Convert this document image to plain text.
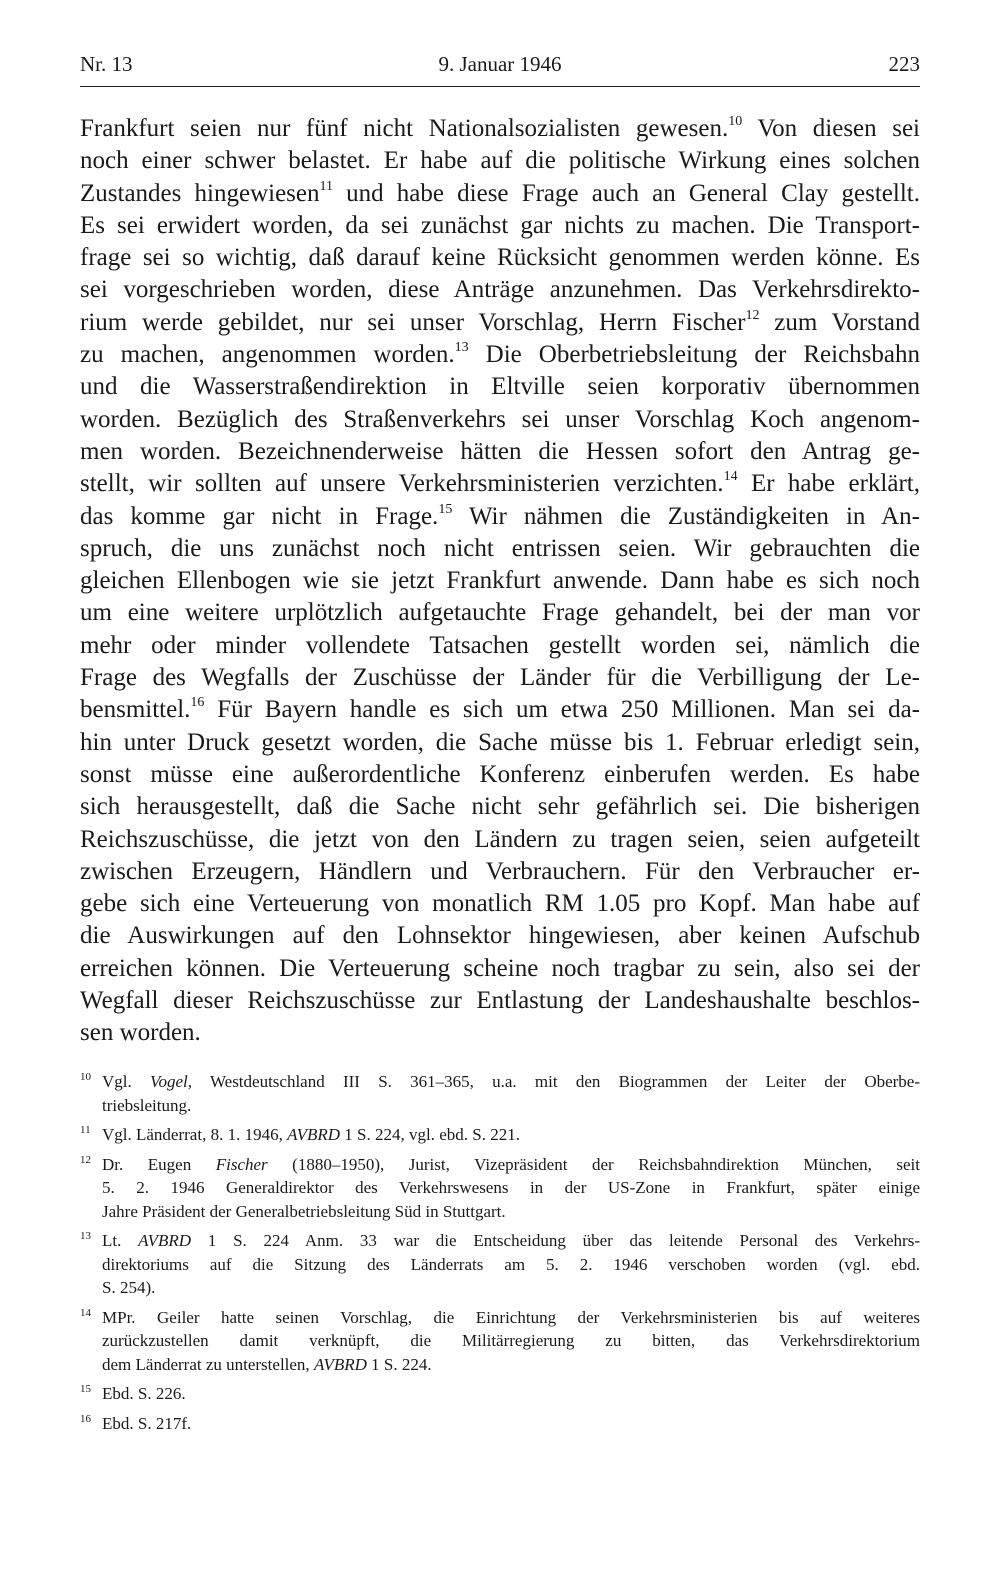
Nr. 13	9. Januar 1946	223
Frankfurt seien nur fünf nicht Nationalsozialisten gewesen.$^{10}$ Von diesen sei
noch einer schwer belastet. Er habe auf die politische Wirkung eines solchen
Zustandes hingewiesen$^{11}$ und habe diese Frage auch an General Clay gestellt.
Es sei erwidert worden, da sei zunächst gar nichts zu machen. Die Transport-
frage sei so wichtig, daß darauf keine Rücksicht genommen werden könne. Es
sei vorgeschrieben worden, diese Anträge anzunehmen. Das Verkehrsdirekto-
rium werde gebildet, nur sei unser Vorschlag, Herrn Fischer$^{12}$ zum Vorstand
zu machen, angenommen worden.$^{13}$ Die Oberbetriebsleitung der Reichsbahn
und die Wasserstraßendirektion in Eltville seien korporativ übernommen
worden. Bezüglich des Straßenverkehrs sei unser Vorschlag Koch angenom-
men worden. Bezeichnenderweise hätten die Hessen sofort den Antrag ge-
stellt, wir sollten auf unsere Verkehrsministerien verzichten.$^{14}$ Er habe erklärt,
das komme gar nicht in Frage.$^{15}$ Wir nähmen die Zuständigkeiten in An-
spruch, die uns zunächst noch nicht entrissen seien. Wir gebrauchten die
gleichen Ellenbogen wie sie jetzt Frankfurt anwende. Dann habe es sich noch
um eine weitere urplötzlich aufgetauchte Frage gehandelt, bei der man vor
mehr oder minder vollendete Tatsachen gestellt worden sei, nämlich die
Frage des Wegfalls der Zuschüsse der Länder für die Verbilligung der Le-
bensmittel.$^{16}$ Für Bayern handle es sich um etwa 250 Millionen. Man sei da-
hin unter Druck gesetzt worden, die Sache müsse bis 1. Februar erledigt sein,
sonst müsse eine außerordentliche Konferenz einberufen werden. Es habe
sich herausgestellt, daß die Sache nicht sehr gefährlich sei. Die bisherigen
Reichszuschüsse, die jetzt von den Ländern zu tragen seien, seien aufgeteilt
zwischen Erzeugern, Händlern und Verbrauchern. Für den Verbraucher er-
gebe sich eine Verteuerung von monatlich RM 1.05 pro Kopf. Man habe auf
die Auswirkungen auf den Lohnsektor hingewiesen, aber keinen Aufschub
erreichen können. Die Verteuerung scheine noch tragbar zu sein, also sei der
Wegfall dieser Reichszuschüsse zur Entlastung der Landeshaushalte beschlos-
sen worden.
10 Vgl. Vogel, Westdeutschland III S. 361–365, u.a. mit den Biogrammen der Leiter der Oberbe-
triebsleitung.
11 Vgl. Länderrat, 8. 1. 1946, AVBRD 1 S. 224, vgl. ebd. S. 221.
12 Dr. Eugen Fischer (1880–1950), Jurist, Vizepräsident der Reichsbahndirektion München, seit
5. 2. 1946 Generaldirektor des Verkehrswesens in der US-Zone in Frankfurt, später einige
Jahre Präsident der Generalbetriebsleitung Süd in Stuttgart.
13 Lt. AVBRD 1 S. 224 Anm. 33 war die Entscheidung über das leitende Personal des Verkehrs-
direktoriums auf die Sitzung des Länderrats am 5. 2. 1946 verschoben worden (vgl. ebd.
S. 254).
14 MPr. Geiler hatte seinen Vorschlag, die Einrichtung der Verkehrsministerien bis auf weiteres
zurückzustellen damit verknüpft, die Militärregierung zu bitten, das Verkehrsdirektorium
dem Länderrat zu unterstellen, AVBRD 1 S. 224.
15 Ebd. S. 226.
16 Ebd. S. 217f.
